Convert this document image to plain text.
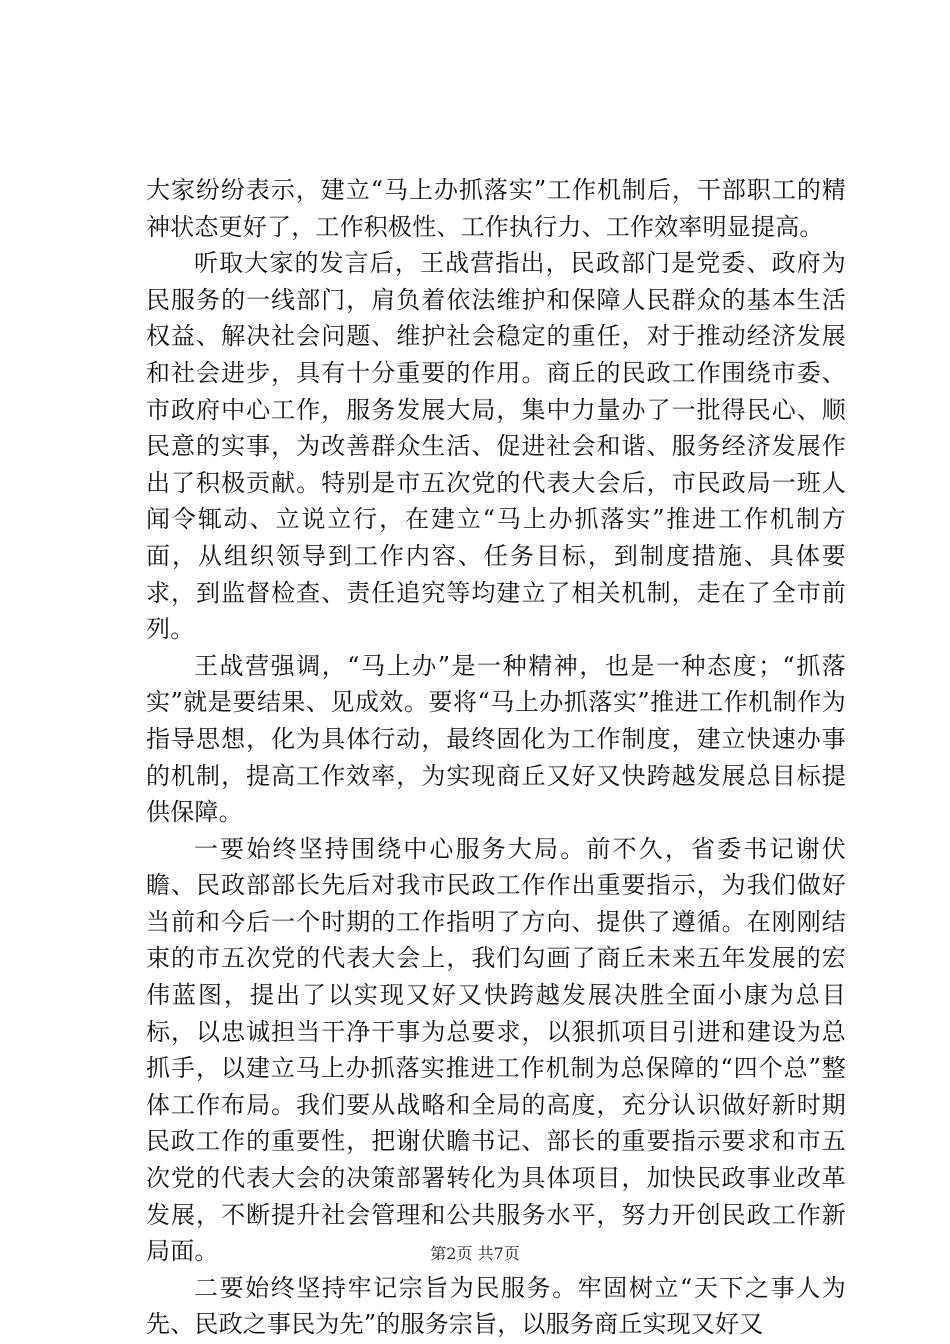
大家纷纷表示，建立“马上办抓落实”工作机制后，干部职工的精神状态更好了，工作积极性、工作执行力、工作效率明显提高。

听取大家的发言后，王战营指出，民政部门是党委、政府为民服务的一线部门，肩负着依法维护和保障人民群众的基本生活权益、解决社会问题、维护社会稳定的重任，对于推动经济发展和社会进步，具有十分重要的作用。商丘的民政工作围绕市委、市政府中心工作，服务发展大局，集中力量办了一批得民心、顺民意的实事，为改善群众生活、促进社会和谐、服务经济发展作出了积极贡献。特别是市五次党的代表大会后，市民政局一班人闻令辄动、立说立行，在建立“马上办抓落实”推进工作机制方面，从组织领导到工作内容、任务目标，到制度措施、具体要求，到监督检查、责任追究等均建立了相关机制，走在了全市前列。

王战营强调，“马上办”是一种精神，也是一种态度；“抓落实”就是要结果、见成效。要将“马上办抓落实”推进工作机制作为指导思想，化为具体行动，最终固化为工作制度，建立快速办事的机制，提高工作效率，为实现商丘又好又快跨越发展总目标提供保障。

一要始终坚持围绕中心服务大局。前不久，省委书记谢伏瞻、民政部部长先后对我市民政工作作出重要指示，为我们做好当前和今后一个时期的工作指明了方向、提供了遵循。在刚刚结束的市五次党的代表大会上，我们勾画了商丘未来五年发展的宏伟蓝图，提出了以实现又好又快跨越发展决胜全面小康为总目标，以忠诚担当干净干事为总要求，以狠抓项目引进和建设为总抓手，以建立马上办抓落实推进工作机制为总保障的“四个总”整体工作布局。我们要从战略和全局的高度，充分认识做好新时期民政工作的重要性，把谢伏瞻书记、部长的重要指示要求和市五次党的代表大会的决策部署转化为具体项目，加快民政事业改革发展，不断提升社会管理和公共服务水平，努力开创民政工作新局面。

二要始终坚持牢记宗旨为民服务。牢固树立“天下之事人为先、民政之事民为先”的服务宗旨，以服务商丘实现又好又

第2页 共7页
